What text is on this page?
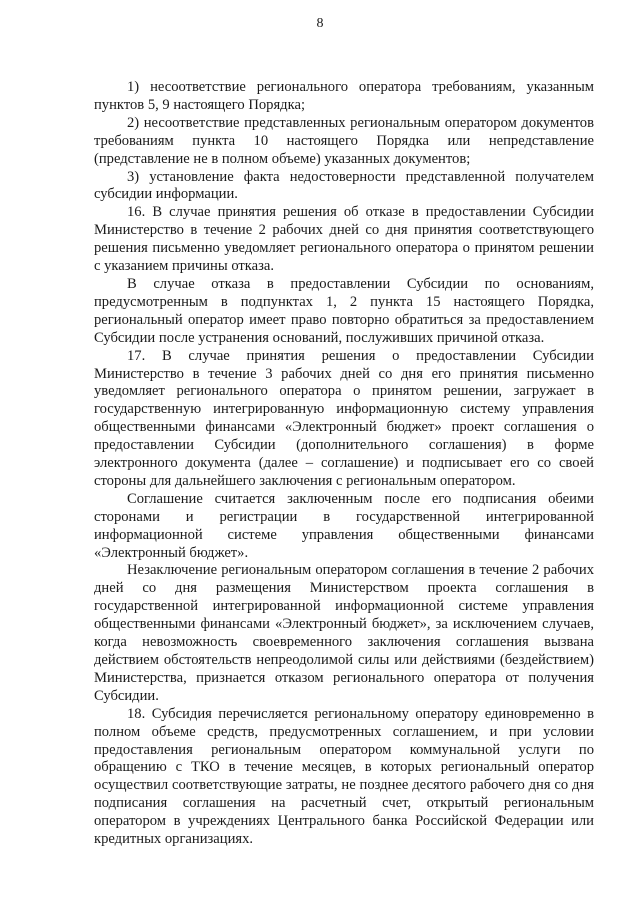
8

1) несоответствие регионального оператора требованиям, указанным пунктов 5, 9 настоящего Порядка;

2) несоответствие представленных региональным оператором документов требованиям пункта 10 настоящего Порядка или непредставление (представление не в полном объеме) указанных документов;

3) установление факта недостоверности представленной получателем субсидии информации.

16. В случае принятия решения об отказе в предоставлении Субсидии Министерство в течение 2 рабочих дней со дня принятия соответствующего решения письменно уведомляет регионального оператора о принятом решении с указанием причины отказа.

В случае отказа в предоставлении Субсидии по основаниям, предусмотренным в подпунктах 1, 2 пункта 15 настоящего Порядка, региональный оператор имеет право повторно обратиться за предоставлением Субсидии после устранения оснований, послуживших причиной отказа.

17. В случае принятия решения о предоставлении Субсидии Министерство в течение 3 рабочих дней со дня его принятия письменно уведомляет регионального оператора о принятом решении, загружает в государственную интегрированную информационную систему управления общественными финансами «Электронный бюджет» проект соглашения о предоставлении Субсидии (дополнительного соглашения) в форме электронного документа (далее – соглашение) и подписывает его со своей стороны для дальнейшего заключения с региональным оператором.

Соглашение считается заключенным после его подписания обеими сторонами и регистрации в государственной интегрированной информационной системе управления общественными финансами «Электронный бюджет».

Незаключение региональным оператором соглашения в течение 2 рабочих дней со дня размещения Министерством проекта соглашения в государственной интегрированной информационной системе управления общественными финансами «Электронный бюджет», за исключением случаев, когда невозможность своевременного заключения соглашения вызвана действием обстоятельств непреодолимой силы или действиями (бездействием) Министерства, признается отказом регионального оператора от получения Субсидии.

18. Субсидия перечисляется региональному оператору единовременно в полном объеме средств, предусмотренных соглашением, и при условии предоставления региональным оператором коммунальной услуги по обращению с ТКО в течение месяцев, в которых региональный оператор осуществил соответствующие затраты, не позднее десятого рабочего дня со дня подписания соглашения на расчетный счет, открытый региональным оператором в учреждениях Центрального банка Российской Федерации или кредитных организациях.
